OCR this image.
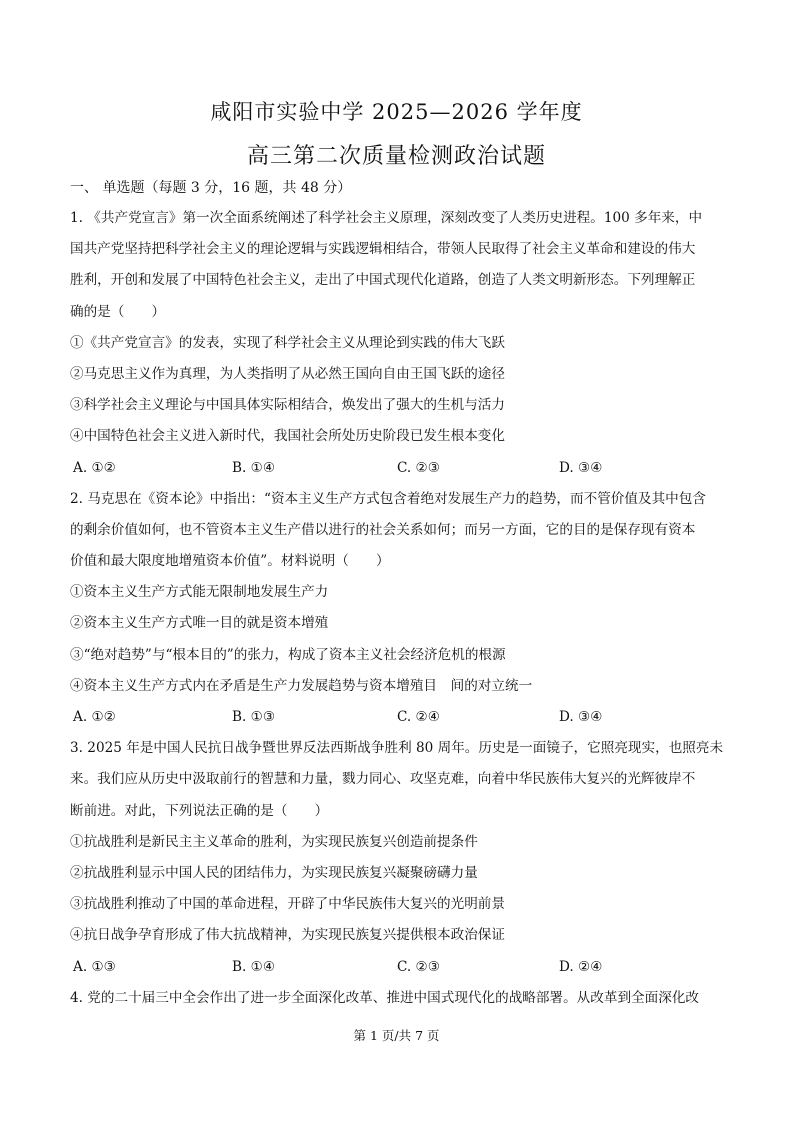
咸阳市实验中学 2025—2026 学年度
高三第二次质量检测政治试题
一、 单选题（每题 3 分，16 题，共 48 分）
1. 《共产党宣言》第一次全面系统阐述了科学社会主义原理，深刻改变了人类历史进程。100 多年来，中
国共产党坚持把科学社会主义的理论逻辑与实践逻辑相结合，带领人民取得了社会主义革命和建设的伟大
胜利，开创和发展了中国特色社会主义，走出了中国式现代化道路，创造了人类文明新形态。下列理解正
确的是（　　）
①《共产党宣言》的发表，实现了科学社会主义从理论到实践的伟大飞跃
②马克思主义作为真理，为人类指明了从必然王国向自由王国飞跃的途径
③科学社会主义理论与中国具体实际相结合，焕发出了强大的生机与活力
④中国特色社会主义进入新时代，我国社会所处历史阶段已发生根本变化
A. ①②	B. ①④	C. ②③	D. ③④
2. 马克思在《资本论》中指出：“资本主义生产方式包含着绝对发展生产力的趋势，而不管价值及其中包含
的剩余价值如何，也不管资本主义生产借以进行的社会关系如何；而另一方面，它的目的是保存现有资本
价值和最大限度地增殖资本价值”。材料说明（　　）
①资本主义生产方式能无限制地发展生产力
②资本主义生产方式唯一目的就是资本增殖
③“绝对趋势”与“根本目的”的张力，构成了资本主义社会经济危机的根源
④资本主义生产方式内在矛盾是生产力发展趋势与资本增殖目　间的对立统一
A. ①②	B. ①③	C. ②④	D. ③④
3. 2025 年是中国人民抗日战争暨世界反法西斯战争胜利 80 周年。历史是一面镜子，它照亮现实，也照亮未
来。我们应从历史中汲取前行的智慧和力量，戮力同心、攻坚克难，向着中华民族伟大复兴的光辉彼岸不
断前进。对此，下列说法正确的是（　　）
①抗战胜利是新民主主义革命的胜利，为实现民族复兴创造前提条件
②抗战胜利显示中国人民的团结伟力，为实现民族复兴凝聚磅礴力量
③抗战胜利推动了中国的革命进程，开辟了中华民族伟大复兴的光明前景
④抗日战争孕育形成了伟大抗战精神，为实现民族复兴提供根本政治保证
A. ①③	B. ①④	C. ②③	D. ②④
4. 党的二十届三中全会作出了进一步全面深化改革、推进中国式现代化的战略部署。从改革到全面深化改
第 1 页/共 7 页
